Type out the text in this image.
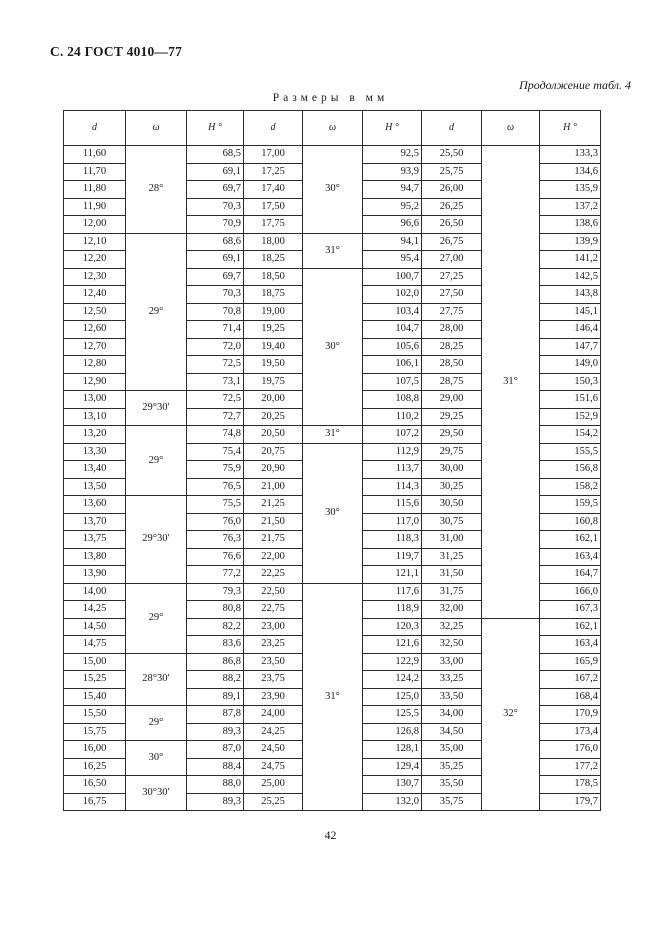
С. 24 ГОСТ 4010—77
Продолжение табл. 4
Размеры в мм
d	ω	H °	d	ω	H °	d	ω	H °
11,60	28°	68,5	17,00	30°	92,5	25,50	31°	133,3
11,70		69,1	17,25		93,9	25,75		134,6
11,80		69,7	17,40		94,7	26,00		135,9
11,90		70,3	17,50		95,2	26,25		137,2
12,00		70,9	17,75		96,6	26,50		138,6
12,10	29°	68,6	18,00	31°	94,1	26,75		139,9
12,20		69,1	18,25		95,4	27,00		141,2
12,30		69,7	18,50	30°	100,7	27,25		142,5
12,40		70,3	18,75		102,0	27,50		143,8
12,50		70,8	19,00		103,4	27,75		145,1
12,60		71,4	19,25		104,7	28,00		146,4
12,70		72,0	19,40		105,6	28,25		147,7
12,80		72,5	19,50		106,1	28,50		149,0
12,90		73,1	19,75		107,5	28,75		150,3
13,00	29°30′	72,5	20,00		108,8	29,00		151,6
13,10		72,7	20,25		110,2	29,25		152,9
13,20	29°	74,8	20,50	31°	107,2	29,50		154,2
13,30		75,4	20,75	30°	112,9	29,75		155,5
13,40		75,9	20,90		113,7	30,00		156,8
13,50		76,5	21,00		114,3	30,25		158,2
13,60	29°30′	75,5	21,25		115,6	30,50		159,5
13,70		76,0	21,50		117,0	30,75		160,8
13,75		76,3	21,75		118,3	31,00		162,1
13,80		76,6	22,00		119,7	31,25		163,4
13,90		77,2	22,25		121,1	31,50		164,7
14,00	29°	79,3	22,50	31°	117,6	31,75		166,0
14,25		80,8	22,75		118,9	32,00		167,3
14,50		82,2	23,00		120,3	32,25	32°	162,1
14,75		83,6	23,25		121,6	32,50		163,4
15,00	28°30′	86,8	23,50		122,9	33,00		165,9
15,25		88,2	23,75		124,2	33,25		167,2
15,40		89,1	23,90		125,0	33,50		168,4
15,50	29°	87,8	24,00		125,5	34,00		170,9
15,75		89,3	24,25		126,8	34,50		173,4
16,00	30°	87,0	24,50		128,1	35,00		176,0
16,25		88,4	24,75		129,4	35,25		177,2
16,50	30°30′	88,0	25,00		130,7	35,50		178,5
16,75		89,3	25,25		132,0	35,75		179,7
42
